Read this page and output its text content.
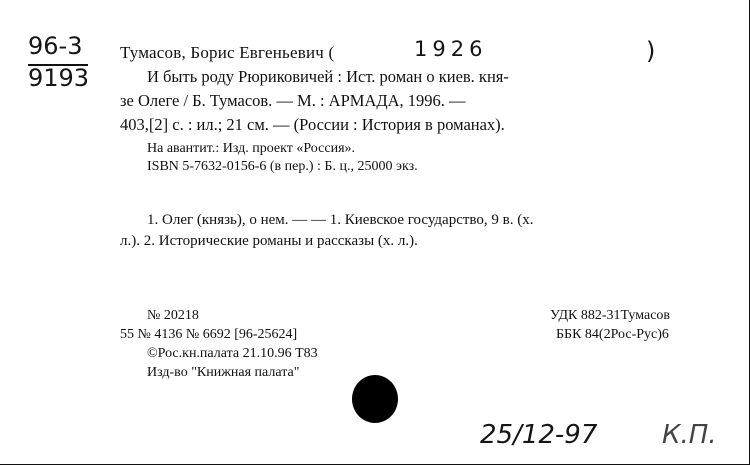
96-3
9193
Тумасов, Борис Евгеньевич (	1926	)
И быть роду Рюриковичей : Ист. роман о киев. кня-
зе Олеге / Б. Тумасов. — М. : АРМАДА, 1996. —
403,[2] с. : ил.; 21 см. — (России : История в романах).
На авантит.: Изд. проект «Россия».
ISBN 5-7632-0156-6 (в пер.) : Б. ц., 25000 экз.
1. Олег (князь), о нем. — — 1. Киевское государство, 9 в. (х.
л.). 2. Исторические романы и рассказы (х. л.).
№ 20218
55 № 4136 № 6692 [96-25624]
©Рос.кн.палата 21.10.96 Т83
Изд-во "Книжная палата"
УДК 882-31Тумасов
ББК 84(2Рос-Рус)6
25/12-97 К.П.
